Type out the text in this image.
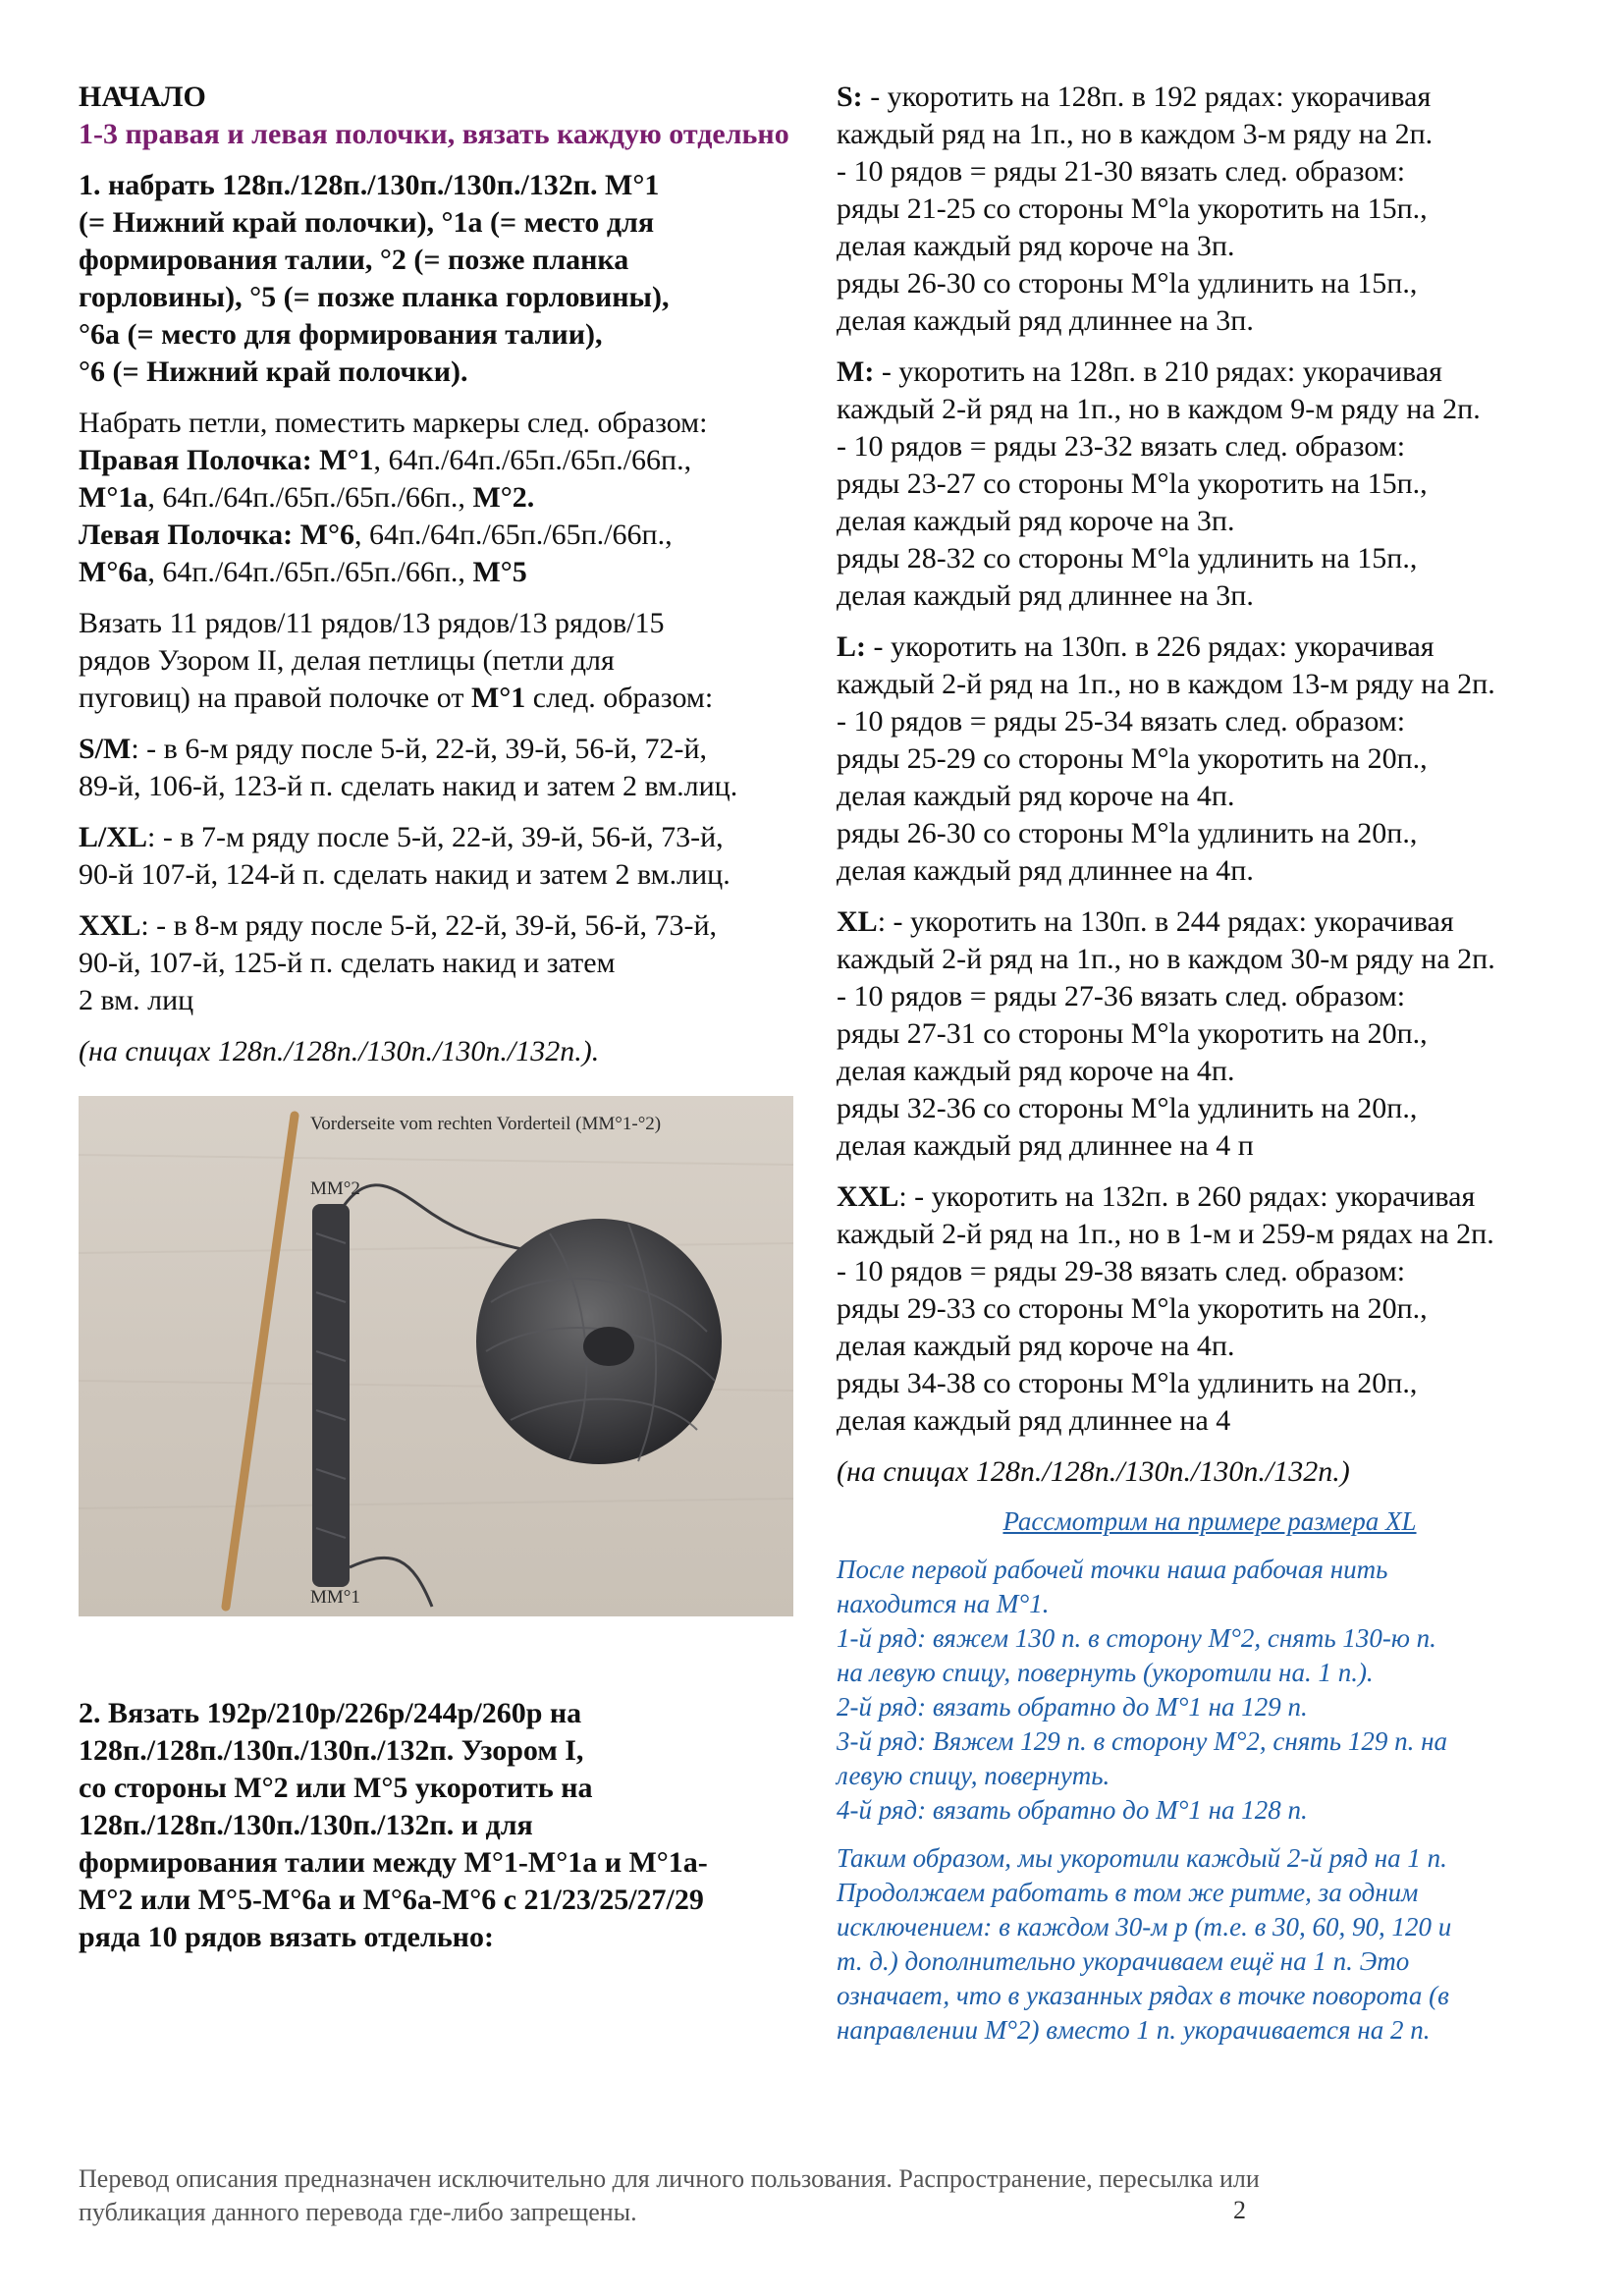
НАЧАЛО

1-3 правая и левая полочки, вязать каждую отдельно

1. набрать 128п./128п./130п./130п./132п. М°1

(= Нижний край полочки), °1а (= место для

формирования талии, °2 (= позже планка

горловины), °5 (= позже планка горловины),

°6а (= место для формирования талии),

°6 (= Нижний край полочки).

Набрать петли, поместить маркеры след. образом:

Правая Полочка: М°1, 64п./64п./65п./65п./66п.,

М°1а, 64п./64п./65п./65п./66п., М°2.

Левая Полочка: М°6, 64п./64п./65п./65п./66п.,

М°6а, 64п./64п./65п./65п./66п., М°5

Вязать 11 рядов/11 рядов/13 рядов/13 рядов/15

рядов Узором II, делая петлицы (петли для

пуговиц) на правой полочке от М°1 след. образом:

S/M: - в 6-м ряду после 5-й, 22-й, 39-й, 56-й, 72-й,

89-й, 106-й, 123-й п. сделать накид и затем 2 вм.лиц.

L/XL: - в 7-м ряду после 5-й, 22-й, 39-й, 56-й, 73-й,

90-й 107-й, 124-й п. сделать накид и затем 2 вм.лиц.

XXL: - в 8-м ряду после 5-й, 22-й, 39-й, 56-й, 73-й,

90-й, 107-й, 125-й п. сделать накид и затем

2 вм. лиц

(на спицах 128п./128п./130п./130п./132п.).

Vorderseite vom rechten Vorderteil (MM°1-°2)
MM°2
MM°1

2. Вязать 192р/210р/226р/244р/260р на

128п./128п./130п./130п./132п. Узором I,

со стороны М°2 или М°5 укоротить на

128п./128п./130п./130п./132п. и для

формирования талии между М°1-М°1а и М°1а-

М°2 или М°5-М°6а и М°6а-М°6 с 21/23/25/27/29

ряда 10 рядов вязать отдельно:

S: - укоротить на 128п. в 192 рядах: укорачивая

каждый ряд на 1п., но в каждом 3-м ряду на 2п.

- 10 рядов = ряды 21-30 вязать след. образом:

ряды 21-25 со стороны M°la укоротить на 15п.,

делая каждый ряд короче на 3п.

ряды 26-30 со стороны M°la удлинить на 15п.,

делая каждый ряд длиннее на 3п.

M: - укоротить на 128п. в 210 рядах: укорачивая

каждый 2-й ряд на 1п., но в каждом 9-м ряду на 2п.

- 10 рядов = ряды 23-32 вязать след. образом:

ряды 23-27 со стороны M°la укоротить на 15п.,

делая каждый ряд короче на 3п.

ряды 28-32 со стороны M°la удлинить на 15п.,

делая каждый ряд длиннее на 3п.

L: - укоротить на 130п. в 226 рядах: укорачивая

каждый 2-й ряд на 1п., но в каждом 13-м ряду на 2п.

- 10 рядов = ряды 25-34 вязать след. образом:

ряды 25-29 со стороны M°la укоротить на 20п.,

делая каждый ряд короче на 4п.

ряды 26-30 со стороны M°la удлинить на 20п.,

делая каждый ряд длиннее на 4п.

XL: - укоротить на 130п. в 244 рядах: укорачивая

каждый 2-й ряд на 1п., но в каждом 30-м ряду на 2п.

- 10 рядов = ряды 27-36 вязать след. образом:

ряды 27-31 со стороны M°la укоротить на 20п.,

делая каждый ряд короче на 4п.

ряды 32-36 со стороны M°la удлинить на 20п.,

делая каждый ряд длиннее на 4 п

XXL: - укоротить на 132п. в 260 рядах: укорачивая

каждый 2-й ряд на 1п., но в 1-м и 259-м рядах на 2п.

- 10 рядов = ряды 29-38 вязать след. образом:

ряды 29-33 со стороны M°la укоротить на 20п.,

делая каждый ряд короче на 4п.

ряды 34-38 со стороны M°la удлинить на 20п.,

делая каждый ряд длиннее на 4

(на спицах 128п./128п./130п./130п./132п.)

Рассмотрим на примере размера XL

После первой рабочей точки наша рабочая нить

находится на M°1.

1-й ряд: вяжем 130 п. в сторону M°2, снять 130-ю п.

на левую спицу, повернуть (укоротили на. 1 п.).

2-й ряд: вязать обратно до M°1 на 129 п.

3-й ряд: Вяжем 129 п. в сторону M°2, снять 129 п. на

левую спицу, повернуть.

4-й ряд: вязать обратно до M°1 на 128 п.

Таким образом, мы укоротили каждый 2-й ряд на 1 п.

Продолжаем работать в том же ритме, за одним

исключением: в каждом 30-м р (т.е. в 30, 60, 90, 120 и

т. д.) дополнительно укорачиваем ещё на 1 п. Это

означает, что в указанных рядах в точке поворота (в

направлении M°2) вместо 1 п. укорачивается на 2 п.

Перевод описания предназначен исключительно для личного пользования. Распространение, пересылка или

публикация данного перевода где-либо запрещены.	2
